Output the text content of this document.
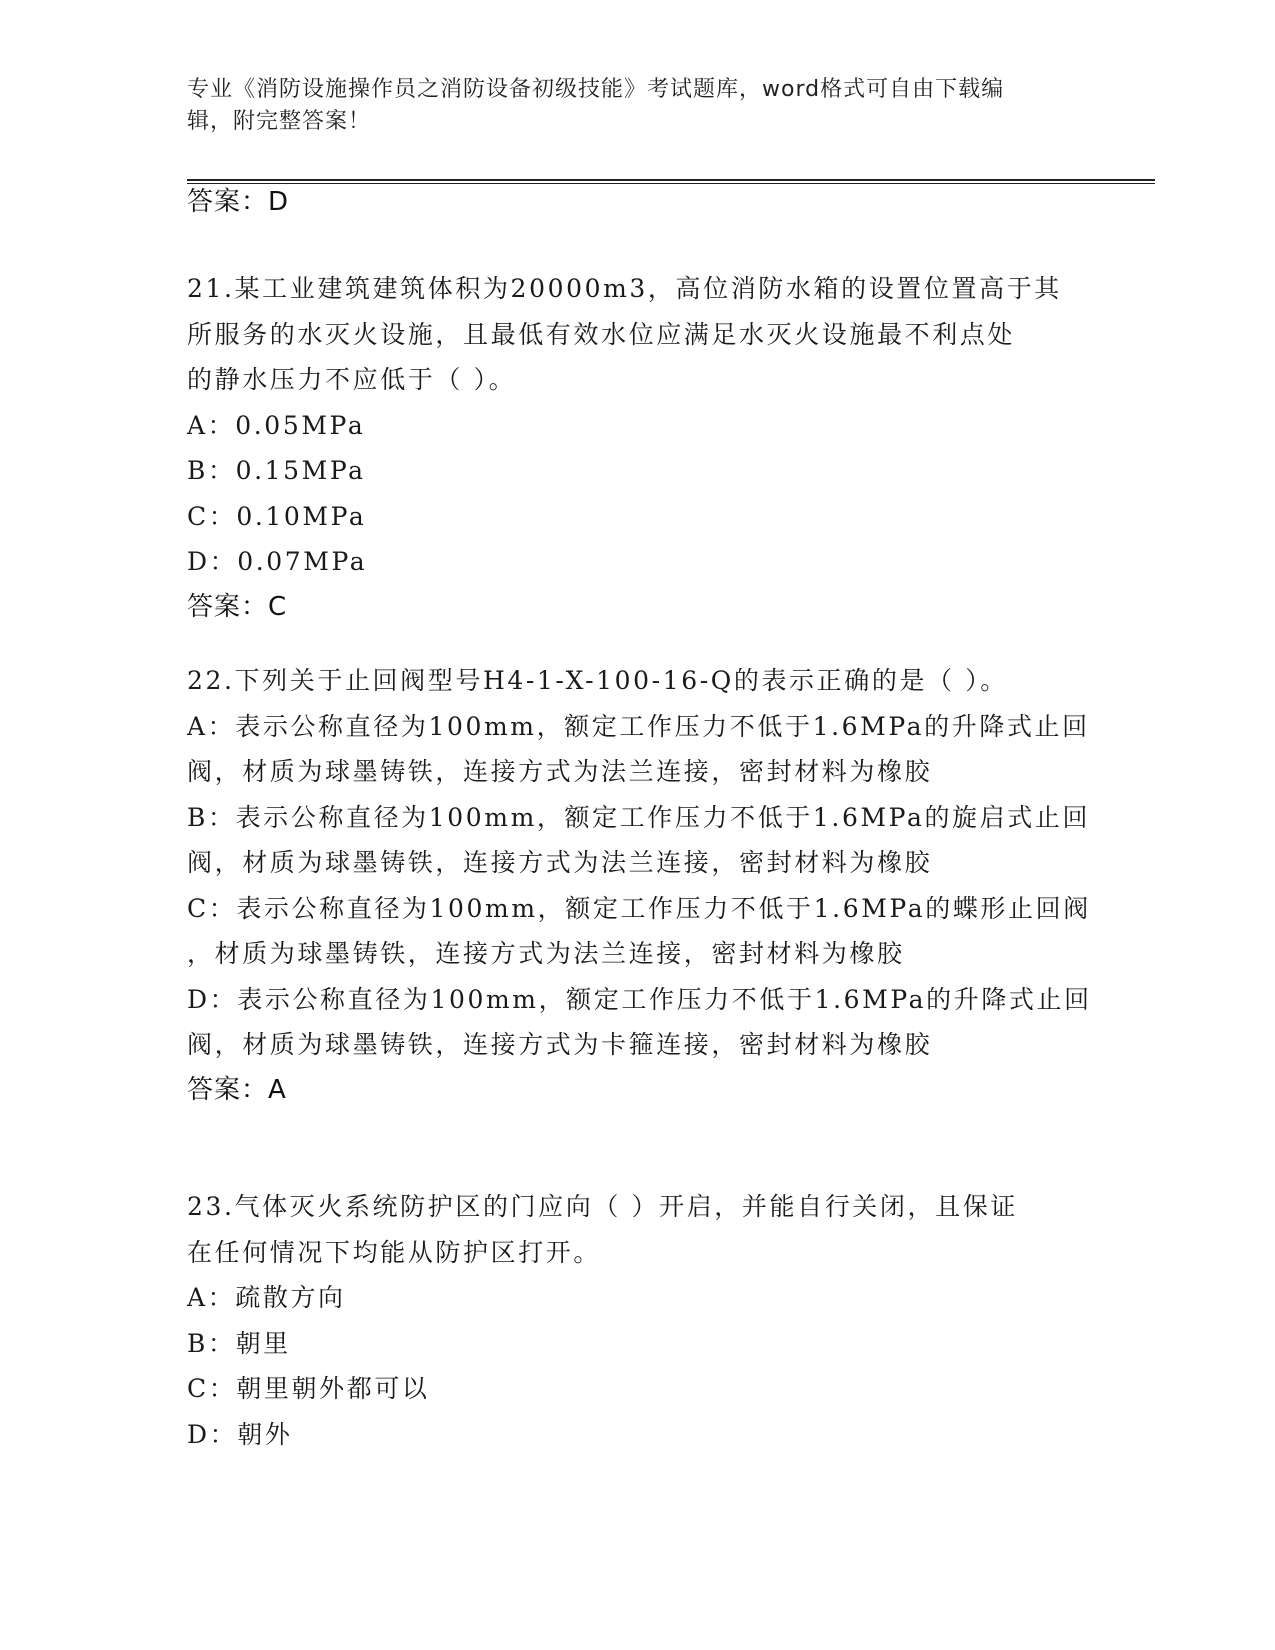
专业《消防设施操作员之消防设备初级技能》考试题库，word格式可自由下载编
辑，附完整答案！
答案：D
21.某工业建筑建筑体积为20000m3，高位消防水箱的设置位置高于其
所服务的水灭火设施，且最低有效水位应满足水灭火设施最不利点处
的静水压力不应低于（ ）。
A：0.05MPa
B：0.15MPa
C：0.10MPa
D：0.07MPa
答案：C
22.下列关于止回阀型号H4-1-X-100-16-Q的表示正确的是（ ）。
A：表示公称直径为100mm，额定工作压力不低于1.6MPa的升降式止回
阀，材质为球墨铸铁，连接方式为法兰连接，密封材料为橡胶
B：表示公称直径为100mm，额定工作压力不低于1.6MPa的旋启式止回
阀，材质为球墨铸铁，连接方式为法兰连接，密封材料为橡胶
C：表示公称直径为100mm，额定工作压力不低于1.6MPa的蝶形止回阀
，材质为球墨铸铁，连接方式为法兰连接，密封材料为橡胶
D：表示公称直径为100mm，额定工作压力不低于1.6MPa的升降式止回
阀，材质为球墨铸铁，连接方式为卡箍连接，密封材料为橡胶
答案：A
23.气体灭火系统防护区的门应向（ ）开启，并能自行关闭，且保证
在任何情况下均能从防护区打开。
A：疏散方向
B：朝里
C：朝里朝外都可以
D：朝外
